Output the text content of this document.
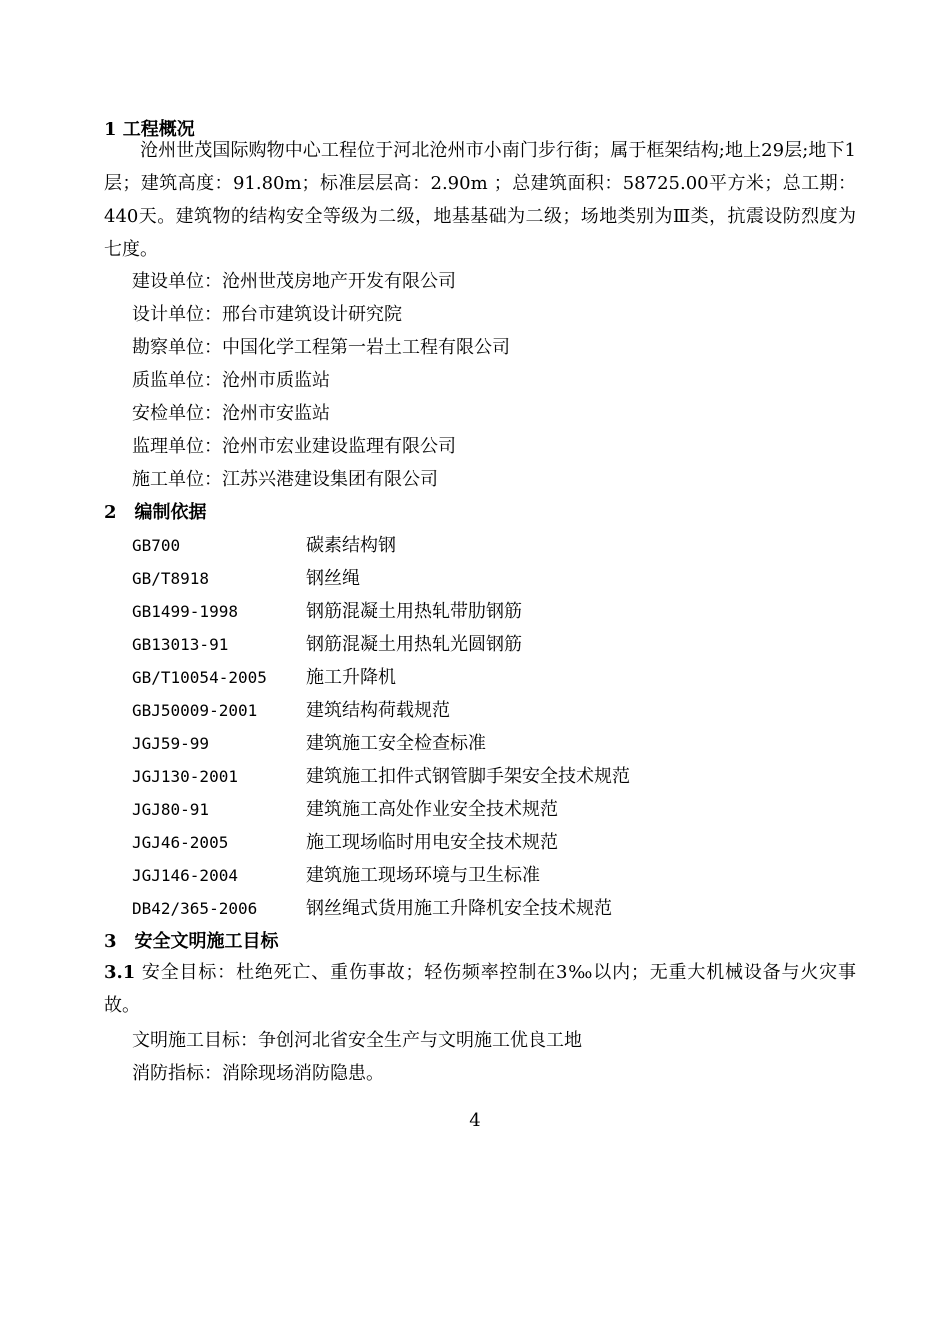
1 工程概况
沧州世茂国际购物中心工程位于河北沧州市小南门步行街；属于框架结构;地上29层;地下1层；建筑高度：91.80m；标准层层高：2.90m ；总建筑面积：58725.00平方米；总工期：440天。建筑物的结构安全等级为二级，地基基础为二级；场地类别为Ⅲ类，抗震设防烈度为七度。
建设单位：沧州世茂房地产开发有限公司
设计单位：邢台市建筑设计研究院
勘察单位：中国化学工程第一岩土工程有限公司
质监单位：沧州市质监站
安检单位：沧州市安监站
监理单位：沧州市宏业建设监理有限公司
施工单位：江苏兴港建设集团有限公司
2　编制依据
GB700	碳素结构钢
GB/T8918	钢丝绳
GB1499-1998	钢筋混凝土用热轧带肋钢筋
GB13013-91	钢筋混凝土用热轧光圆钢筋
GB/T10054-2005 施工升降机
GBJ50009-2001	建筑结构荷载规范
JGJ59-99	建筑施工安全检查标准
JGJ130-2001	建筑施工扣件式钢管脚手架安全技术规范
JGJ80-91	建筑施工高处作业安全技术规范
JGJ46-2005	施工现场临时用电安全技术规范
JGJ146-2004	建筑施工现场环境与卫生标准
DB42/365-2006	钢丝绳式货用施工升降机安全技术规范
3　安全文明施工目标
3.1 安全目标：杜绝死亡、重伤事故；轻伤频率控制在3‰以内；无重大机械设备与火灾事故。
文明施工目标：争创河北省安全生产与文明施工优良工地
消防指标：消除现场消防隐患。
4
